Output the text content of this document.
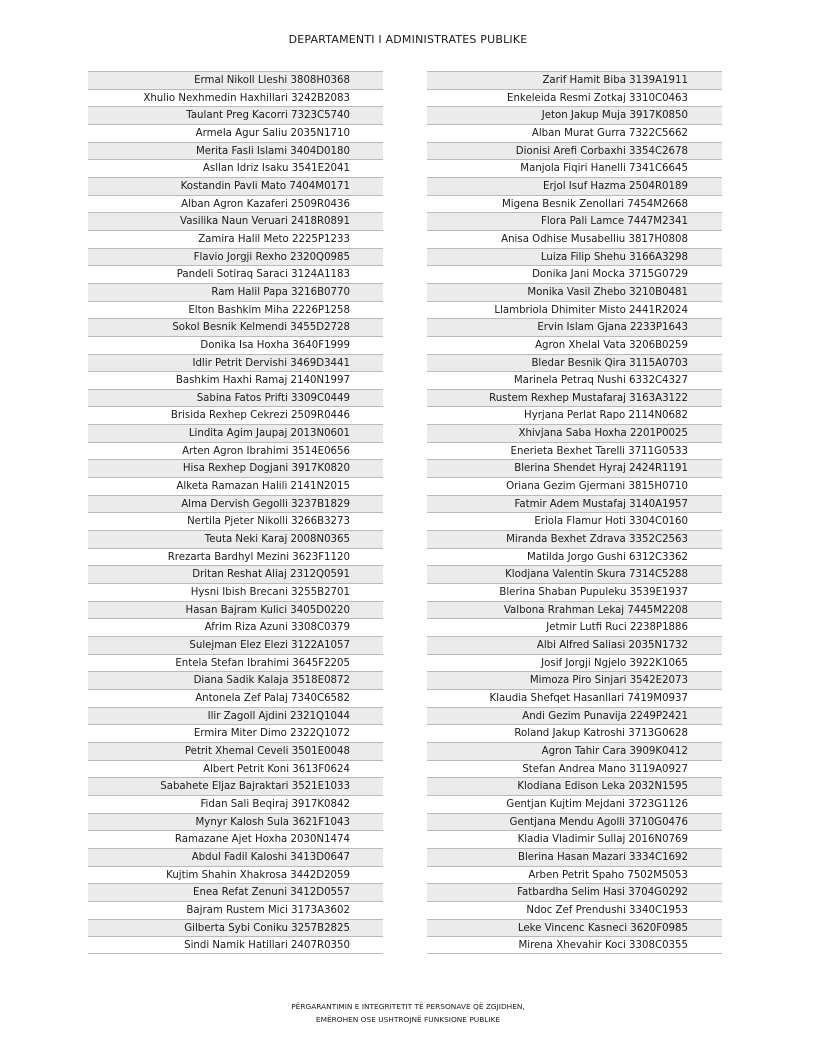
DEPARTAMENTI I ADMINISTRATES PUBLIKE
Ermal Nikoll Lleshi 3808H0368
Xhulio Nexhmedin Haxhillari 3242B2083
Taulant Preg Kacorri 7323C5740
Armela Agur Saliu 2035N1710
Merita Fasli Islami 3404D0180
Asllan Idriz Isaku 3541E2041
Kostandin Pavli Mato 7404M0171
Alban Agron Kazaferi 2509R0436
Vasilika Naun Veruari 2418R0891
Zamira Halil Meto 2225P1233
Flavio Jorgji Rexho 2320Q0985
Pandeli Sotiraq Saraci 3124A1183
Ram Halil Papa 3216B0770
Elton Bashkim Miha 2226P1258
Sokol Besnik Kelmendi 3455D2728
Donika Isa Hoxha 3640F1999
Idlir Petrit Dervishi 3469D3441
Bashkim Haxhi Ramaj 2140N1997
Sabina Fatos Prifti 3309C0449
Brisida Rexhep Cekrezi 2509R0446
Lindita Agim Jaupaj 2013N0601
Arten Agron Ibrahimi 3514E0656
Hisa Rexhep Dogjani 3917K0820
Alketa Ramazan Halili 2141N2015
Alma Dervish Gegolli 3237B1829
Nertila Pjeter Nikolli 3266B3273
Teuta Neki Karaj 2008N0365
Rrezarta Bardhyl Mezini 3623F1120
Dritan Reshat Aliaj 2312Q0591
Hysni Ibish Brecani 3255B2701
Hasan Bajram Kulici 3405D0220
Afrim Riza Azuni 3308C0379
Sulejman Elez Elezi 3122A1057
Entela Stefan Ibrahimi 3645F2205
Diana Sadik Kalaja 3518E0872
Antonela Zef Palaj 7340C6582
Ilir Zagoll Ajdini 2321Q1044
Ermira Miter Dimo 2322Q1072
Petrit Xhemal Ceveli 3501E0048
Albert Petrit Koni 3613F0624
Sabahete Eljaz Bajraktari 3521E1033
Fidan Sali Beqiraj 3917K0842
Mynyr Kalosh Sula 3621F1043
Ramazane Ajet Hoxha 2030N1474
Abdul Fadil Kaloshi 3413D0647
Kujtim Shahin Xhakrosa 3442D2059
Enea Refat Zenuni 3412D0557
Bajram Rustem Mici 3173A3602
Gilberta Sybi Coniku 3257B2825
Sindi Namik Hatillari 2407R0350
Zarif Hamit Biba 3139A1911
Enkeleida Resmi Zotkaj 3310C0463
Jeton Jakup Muja 3917K0850
Alban Murat Gurra 7322C5662
Dionisi Arefi Corbaxhi 3354C2678
Manjola Fiqiri Hanelli 7341C6645
Erjol Isuf Hazma 2504R0189
Migena Besnik Zenollari 7454M2668
Flora Pali Lamce 7447M2341
Anisa Odhise Musabelliu 3817H0808
Luiza Filip Shehu 3166A3298
Donika Jani Mocka 3715G0729
Monika Vasil Zhebo 3210B0481
Llambriola Dhimiter Misto 2441R2024
Ervin Islam Gjana 2233P1643
Agron Xhelal Vata 3206B0259
Bledar Besnik Qira 3115A0703
Marinela Petraq Nushi 6332C4327
Rustem Rexhep Mustafaraj 3163A3122
Hyrjana Perlat Rapo 2114N0682
Xhivjana Saba Hoxha 2201P0025
Enerieta Bexhet Tarelli 3711G0533
Blerina Shendet Hyraj 2424R1191
Oriana Gezim Gjermani 3815H0710
Fatmir Adem Mustafaj 3140A1957
Eriola Flamur Hoti 3304C0160
Miranda Bexhet Zdrava 3352C2563
Matilda Jorgo Gushi 6312C3362
Klodjana Valentin Skura 7314C5288
Blerina Shaban Pupuleku 3539E1937
Valbona Rrahman Lekaj 7445M2208
Jetmir Lutfi Ruci 2238P1886
Albi Alfred Saliasi 2035N1732
Josif Jorgji Ngjelo 3922K1065
Mimoza Piro Sinjari 3542E2073
Klaudia Shefqet Hasanllari 7419M0937
Andi Gezim Punavija 2249P2421
Roland Jakup Katroshi 3713G0628
Agron Tahir Cara 3909K0412
Stefan Andrea Mano 3119A0927
Klodiana Edison Leka 2032N1595
Gentjan Kujtim Mejdani 3723G1126
Gentjana Mendu Agolli 3710G0476
Kladia Vladimir Sullaj 2016N0769
Blerina Hasan Mazari 3334C1692
Arben Petrit Spaho 7502M5053
Fatbardha Selim Hasi 3704G0292
Ndoc Zef Prendushi 3340C1953
Leke Vincenc Kasneci 3620F0985
Mirena Xhevahir Koci 3308C0355
PËRGARANTIMIN E INTEGRITETIT TË PERSONAVE QË ZGJIDHEN,
EMËROHEN OSE USHTROJNË FUNKSIONE PUBLIKE
